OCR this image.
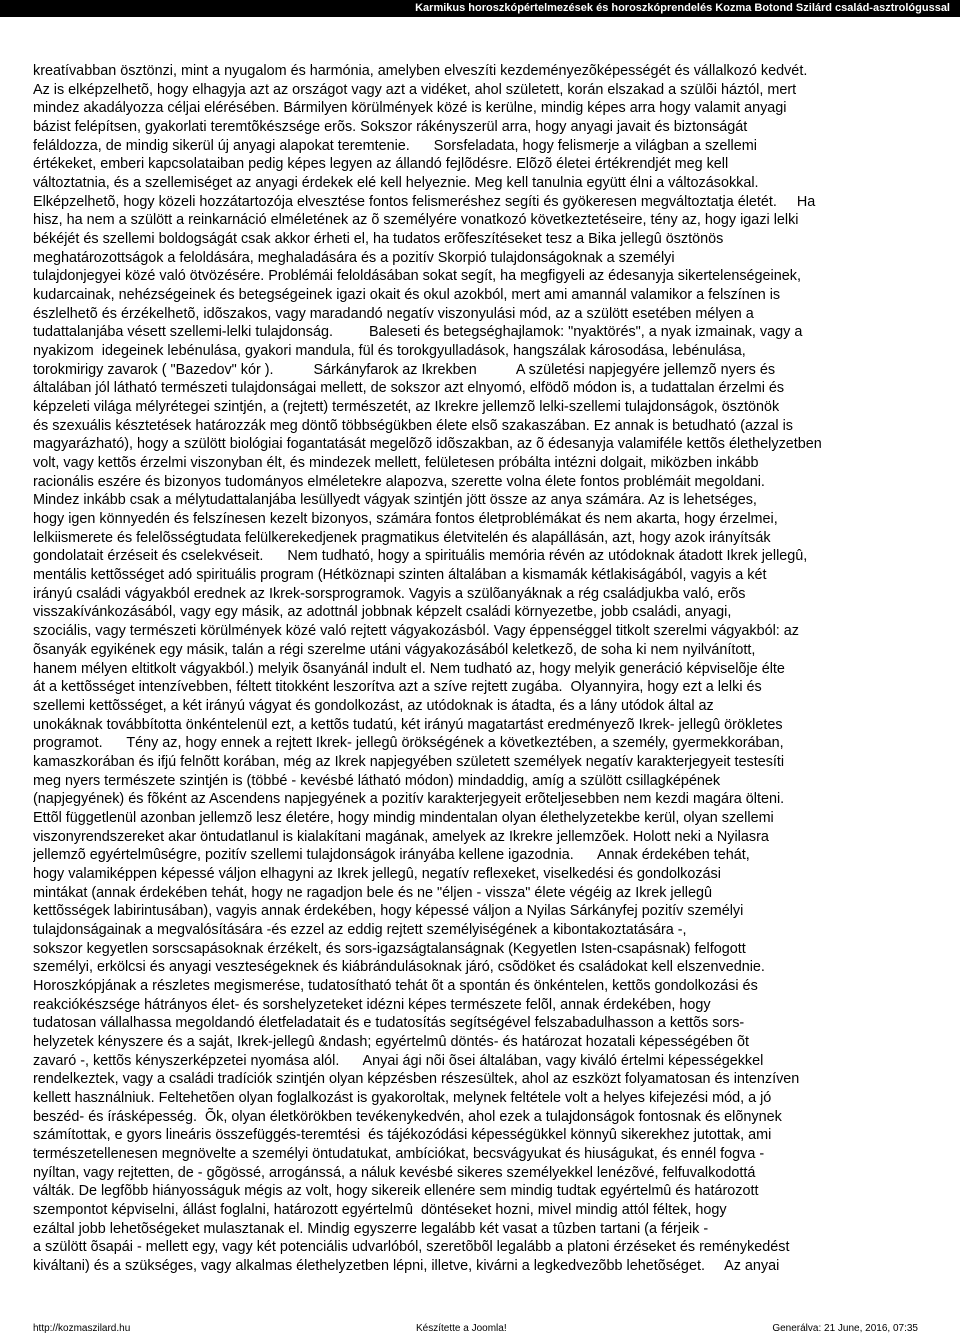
Karmikus horoszkópértelmezések és horoszkóprendelés Kozma Botond Szilárd család-asztrológussal
kreatívabban ösztönzi, mint a nyugalom és harmónia, amelyben elveszíti kezdeményezõképességét és vállalkozó kedvét.
Az is elképzelhetõ, hogy elhagyja azt az országot vagy azt a vidéket, ahol született, korán elszakad a szülõi háztól, mert
mindez akadályozza céljai elérésében. Bármilyen körülmények közé is kerülne, mindig képes arra hogy valamit anyagi
bázist felépítsen, gyakorlati teremtõkészsége erõs. Sokszor rákényszerül arra, hogy anyagi javait és biztonságát
feláldozza, de mindig sikerül új anyagi alapokat teremtenie.      Sorsfeladata, hogy felismerje a világban a szellemi
értékeket, emberi kapcsolataiban pedig képes legyen az állandó fejlõdésre. Elõzõ életei értékrendjét meg kell
változtatnia, és a szellemiséget az anyagi érdekek elé kell helyeznie. Meg kell tanulnia együtt élni a változásokkal.
Elképzelhetõ, hogy közeli hozzátartozója elvesztése fontos felismeréshez segíti és gyökeresen megváltoztatja életét.     Ha
hisz, ha nem a szülött a reinkarnáció elméletének az õ személyére vonatkozó következtetéseire, tény az, hogy igazi lelki
békéjét és szellemi boldogságát csak akkor érheti el, ha tudatos erõfeszítéseket tesz a Bika jellegû ösztönös
meghatározottságok a feloldására, meghaladására és a pozitív Skorpió tulajdonságoknak a személyi
tulajdonjegyei közé való ötvözésére. Problémái feloldásában sokat segít, ha megfigyeli az édesanyja sikertelenségeinek,
kudarcainak, nehézségeinek és betegségeinek igazi okait és okul azokból, mert ami amannál valamikor a felszínen is
észlelhetõ és érzékelhetõ, idõszakos, vagy maradandó negatív viszonyulási mód, az a szülött esetében mélyen a
tudattalanjába vésett szellemi-lelki tulajdonság.         Baleseti és betegséghajlamok: "nyaktörés", a nyak izmainak, vagy a
nyakizom  idegeinek lebénulása, gyakori mandula, fül és torokgyulladások, hangszálak károsodása, lebénulása,
torokmirigy zavarok ( "Bazedov" kór ).          Sárkányfarok az Ikrekben          A születési napjegyére jellemzõ nyers és
általában jól látható természeti tulajdonságai mellett, de sokszor azt elnyomó, elfödõ módon is, a tudattalan érzelmi és
képzeleti világa mélyrétegei szintjén, a (rejtett) természetét, az Ikrekre jellemzõ lelki-szellemi tulajdonságok, ösztönök
és szexuális késztetések határozzák meg döntõ többségükben élete elsõ szakaszában. Ez annak is betudható (azzal is
magyarázható), hogy a szülött biológiai fogantatását megelõzõ idõszakban, az õ édesanyja valamiféle kettõs élethelyzetben
volt, vagy kettõs érzelmi viszonyban élt, és mindezek mellett, felületesen próbálta intézni dolgait, miközben inkább
racionális eszére és bizonyos tudományos elméletekre alapozva, szerette volna élete fontos problémáit megoldani.
Mindez inkább csak a mélytudattalanjába lesüllyedt vágyak szintjén jött össze az anya számára. Az is lehetséges,
hogy igen könnyedén és felszínesen kezelt bizonyos, számára fontos életproblémákat és nem akarta, hogy érzelmei,
lelkiismerete és felelõsségtudata felülkerekedjenek pragmatikus életvitelén és alapállásán, azt, hogy azok irányítsák
gondolatait érzéseit és cselekvéseit.      Nem tudható, hogy a spirituális memória révén az utódoknak átadott Ikrek jellegû,
mentális kettõsséget adó spirituális program (Hétköznapi szinten általában a kismamák kétlakiságából, vagyis a két
irányú családi vágyakból erednek az Ikrek-sorsprogramok. Vagyis a szülõanyáknak a rég családjukba való, erõs
visszakívánkozásából, vagy egy másik, az adottnál jobbnak képzelt családi környezetbe, jobb családi, anyagi,
szociális, vagy természeti körülmények közé való rejtett vágyakozásból. Vagy éppenséggel titkolt szerelmi vágyakból: az
õsanyák egyikének egy másik, talán a régi szerelme utáni vágyakozásából keletkezõ, de soha ki nem nyilvánított,
hanem mélyen eltitkolt vágyakból.) melyik õsanyánál indult el. Nem tudható az, hogy melyik generáció képviselõje élte
át a kettõsséget intenzívebben, féltett titokként leszorítva azt a szíve rejtett zugába.  Olyannyira, hogy ezt a lelki és
szellemi kettõsséget, a két irányú vágyat és gondolkozást, az utódoknak is átadta, és a lány utódok által az
unokáknak továbbította önkéntelenül ezt, a kettõs tudatú, két irányú magatartást eredményezõ Ikrek- jellegû örökletes
programot.      Tény az, hogy ennek a rejtett Ikrek- jellegû örökségének a következtében, a személy, gyermekkorában,
kamaszkorában és ifjú felnõtt korában, még az Ikrek napjegyében született személyek negatív karakterjegyeit testesíti
meg nyers természete szintjén is (többé - kevésbé látható módon) mindaddig, amíg a szülött csillagképének
(napjegyének) és fõként az Ascendens napjegyének a pozitív karakterjegyeit erõteljesebben nem kezdi magára ölteni.
Ettõl függetlenül azonban jellemzõ lesz életére, hogy mindig mindentalan olyan élethelyzetekbe kerül, olyan szellemi
viszonyrendszereket akar öntudatlanul is kialakítani magának, amelyek az Ikrekre jellemzõek. Holott neki a Nyilasra
jellemzõ egyértelmûségre, pozitív szellemi tulajdonságok irányába kellene igazodnia.      Annak érdekében tehát,
hogy valamiképpen képessé váljon elhagyni az Ikrek jellegû, negatív reflexeket, viselkedési és gondolkozási
mintákat (annak érdekében tehát, hogy ne ragadjon bele és ne "éljen - vissza" élete végéig az Ikrek jellegû
kettõsségek labirintusában), vagyis annak érdekében, hogy képessé váljon a Nyilas Sárkányfej pozitív személyi
tulajdonságainak a megvalósítására -és ezzel az eddig rejtett személyiségének a kibontakoztatására -,
sokszor kegyetlen sorscsapásoknak érzékelt, és sors-igazságtalanságnak (Kegyetlen Isten-csapásnak) felfogott
személyi, erkölcsi és anyagi veszteségeknek és kiábrándulásoknak járó, csõdöket és családokat kell elszenvednie.
Horoszkópjának a részletes megismerése, tudatosítható tehát õt a spontán és önkéntelen, kettõs gondolkozási és
reakciókészsége hátrányos élet- és sorshelyzeteket idézni képes természete felõl, annak érdekében, hogy
tudatosan vállalhassa megoldandó életfeladatait és e tudatosítás segítségével felszabadulhasson a kettõs sors-
helyzetek kényszere és a saját, Ikrek-jellegû &ndash; egyértelmû döntés- és határozat hozatali képességében õt
zavaró -, kettõs kényszerképzetei nyomása alól.      Anyai ági nõi õsei általában, vagy kiváló értelmi képességekkel
rendelkeztek, vagy a családi tradíciók szintjén olyan képzésben részesültek, ahol az eszközt folyamatosan és intenzíven
kellett használniuk. Feltehetõen olyan foglalkozást is gyakoroltak, melynek feltétele volt a helyes kifejezési mód, a jó
beszéd- és írásképesség.  Õk, olyan életkörökben tevékenykedvén, ahol ezek a tulajdonságok fontosnak és elõnynek
számítottak, e gyors lineáris összefüggés-teremtési  és tájékozódási képességükkel könnyû sikerekhez jutottak, ami
természetellenesen megnövelte a személyi öntudatukat, ambíciókat, becsvágyukat és hiuságukat, és ennél fogva -
nyíltan, vagy rejtetten, de - gõgössé, arrogánssá, a náluk kevésbé sikeres személyekkel lenézõvé, felfuvalkodottá
válták. De legfõbb hiányosságuk mégis az volt, hogy sikereik ellenére sem mindig tudtak egyértelmû és határozott
szempontot képviselni, állást foglalni, határozott egyértelmû  döntéseket hozni, mivel mindig attól féltek, hogy
ezáltal jobb lehetõségeket mulasztanak el. Mindig egyszerre legalább két vasat a tûzben tartani (a férjeik -
a szülött õsapái - mellett egy, vagy két potenciális udvarlóból, szeretõbõl legalább a platoni érzéseket és reménykedést
kiváltani) és a szükséges, vagy alkalmas élethelyzetben lépni, illetve, kivárni a legkedvezõbb lehetõséget.     Az anyai
http://kozmaszilard.hu	Készítette a Joomla!	Generálva: 21 June, 2016, 07:35
